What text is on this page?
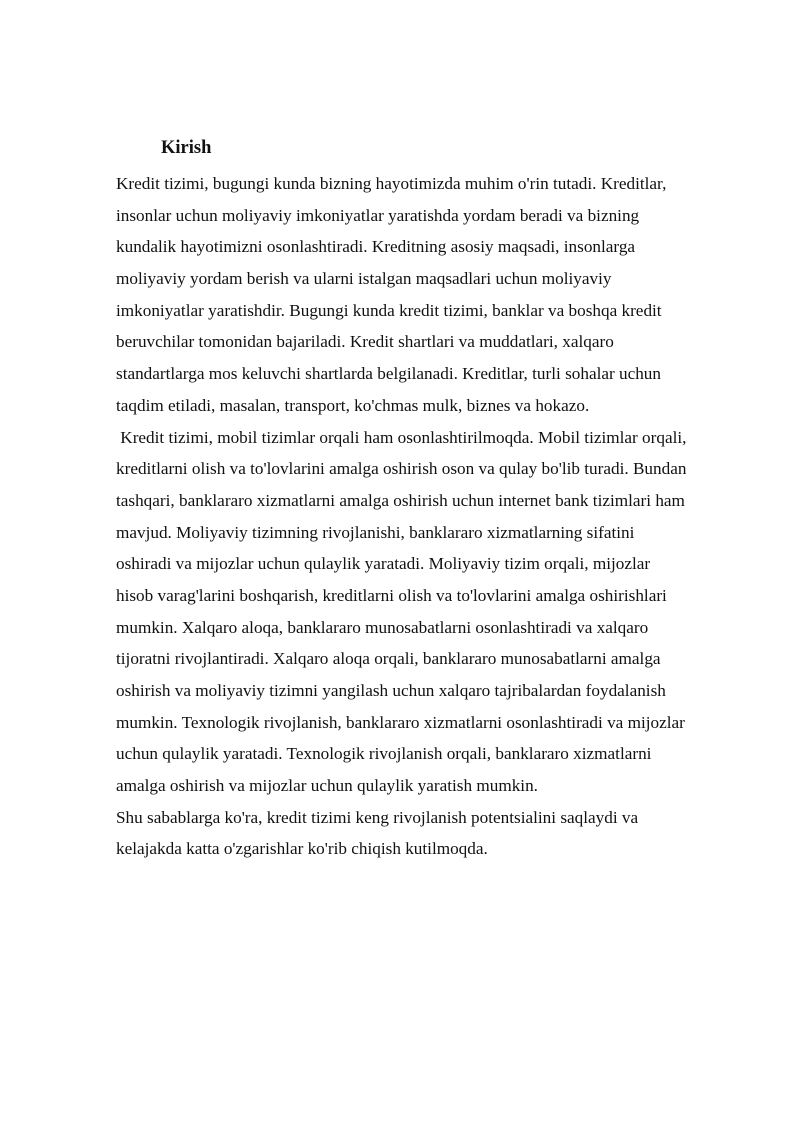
Kirish
Kredit tizimi, bugungi kunda bizning hayotimizda muhim o'rin tutadi. Kreditlar,
insonlar uchun moliyaviy imkoniyatlar yaratishda yordam beradi va bizning
kundalik hayotimizni osonlashtiradi. Kreditning asosiy maqsadi, insonlarga
moliyaviy yordam berish va ularni istalgan maqsadlari uchun moliyaviy
imkoniyatlar yaratishdir. Bugungi kunda kredit tizimi, banklar va boshqa kredit
beruvchilar tomonidan bajariladi. Kredit shartlari va muddatlari, xalqaro
standartlarga mos keluvchi shartlarda belgilanadi. Kreditlar, turli sohalar uchun
taqdim etiladi, masalan, transport, ko'chmas mulk, biznes va hokazo.
Kredit tizimi, mobil tizimlar orqali ham osonlashtirilmoqda. Mobil tizimlar orqali,
kreditlarni olish va to'lovlarini amalga oshirish oson va qulay bo'lib turadi. Bundan
tashqari, banklararo xizmatlarni amalga oshirish uchun internet bank tizimlari ham
mavjud. Moliyaviy tizimning rivojlanishi, banklararo xizmatlarning sifatini
oshiradi va mijozlar uchun qulaylik yaratadi. Moliyaviy tizim orqali, mijozlar
hisob varag'larini boshqarish, kreditlarni olish va to'lovlarini amalga oshirishlari
mumkin. Xalqaro aloqa, banklararo munosabatlarni osonlashtiradi va xalqaro
tijoratni rivojlantiradi. Xalqaro aloqa orqali, banklararo munosabatlarni amalga
oshirish va moliyaviy tizimni yangilash uchun xalqaro tajribalardan foydalanish
mumkin. Texnologik rivojlanish, banklararo xizmatlarni osonlashtiradi va mijozlar
uchun qulaylik yaratadi. Texnologik rivojlanish orqali, banklararo xizmatlarni
amalga oshirish va mijozlar uchun qulaylik yaratish mumkin.
Shu sabablarga ko'ra, kredit tizimi keng rivojlanish potentsialini saqlaydi va
kelajakda katta o'zgarishlar ko'rib chiqish kutilmoqda.
